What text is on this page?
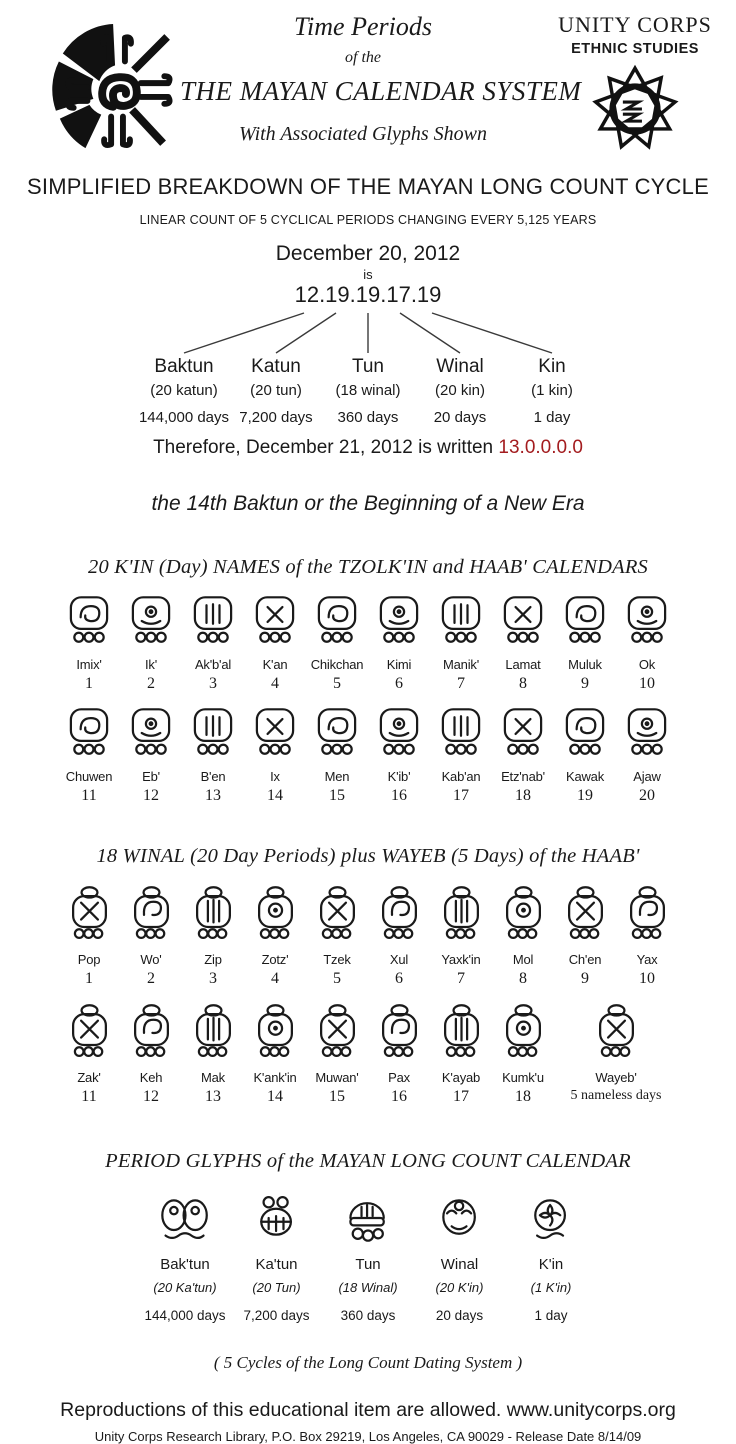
Time Periods
of the
THE MAYAN CALENDAR SYSTEM
With Associated Glyphs Shown
UNITY CORPS
ETHNIC STUDIES
SIMPLIFIED BREAKDOWN OF THE MAYAN LONG COUNT CYCLE
LINEAR COUNT OF 5 CYCLICAL PERIODS CHANGING EVERY 5,125 YEARS
December 20, 2012
is
12.19.19.17.19
Baktun
(20 katun)
144,000 days
Katun
(20 tun)
7,200 days
Tun
(18 winal)
360 days
Winal
(20 kin)
20 days
Kin
(1 kin)
1 day
Therefore, December 21, 2012 is written 13.0.0.0.0
the 14th Baktun or the Beginning of a New Era
20 K'IN (Day) NAMES of the TZOLK'IN and HAAB' CALENDARS
Imix'
1
Ik'
2
Ak'b'al
3
K'an
4
Chikchan
5
Kimi
6
Manik'
7
Lamat
8
Muluk
9
Ok
10
Chuwen
11
Eb'
12
B'en
13
Ix
14
Men
15
K'ib'
16
Kab'an
17
Etz'nab'
18
Kawak
19
Ajaw
20
18 WINAL (20 Day Periods) plus WAYEB (5 Days) of the HAAB'
Pop
1
Wo'
2
Zip
3
Zotz'
4
Tzek
5
Xul
6
Yaxk'in
7
Mol
8
Ch'en
9
Yax
10
Zak'
11
Keh
12
Mak
13
K'ank'in
14
Muwan'
15
Pax
16
K'ayab
17
Kumk'u
18
Wayeb'
5 nameless days
PERIOD GLYPHS of the MAYAN LONG COUNT CALENDAR
Bak'tun
(20 Ka'tun)
144,000 days
Ka'tun
(20 Tun)
7,200 days
Tun
(18 Winal)
360 days
Winal
(20 K'in)
20 days
K'in
(1 K'in)
1 day
( 5 Cycles of the Long Count Dating System )
Reproductions of this educational item are allowed. www.unitycorps.org
Unity Corps Research Library, P.O. Box 29219, Los Angeles, CA 90029 - Release Date 8/14/09
